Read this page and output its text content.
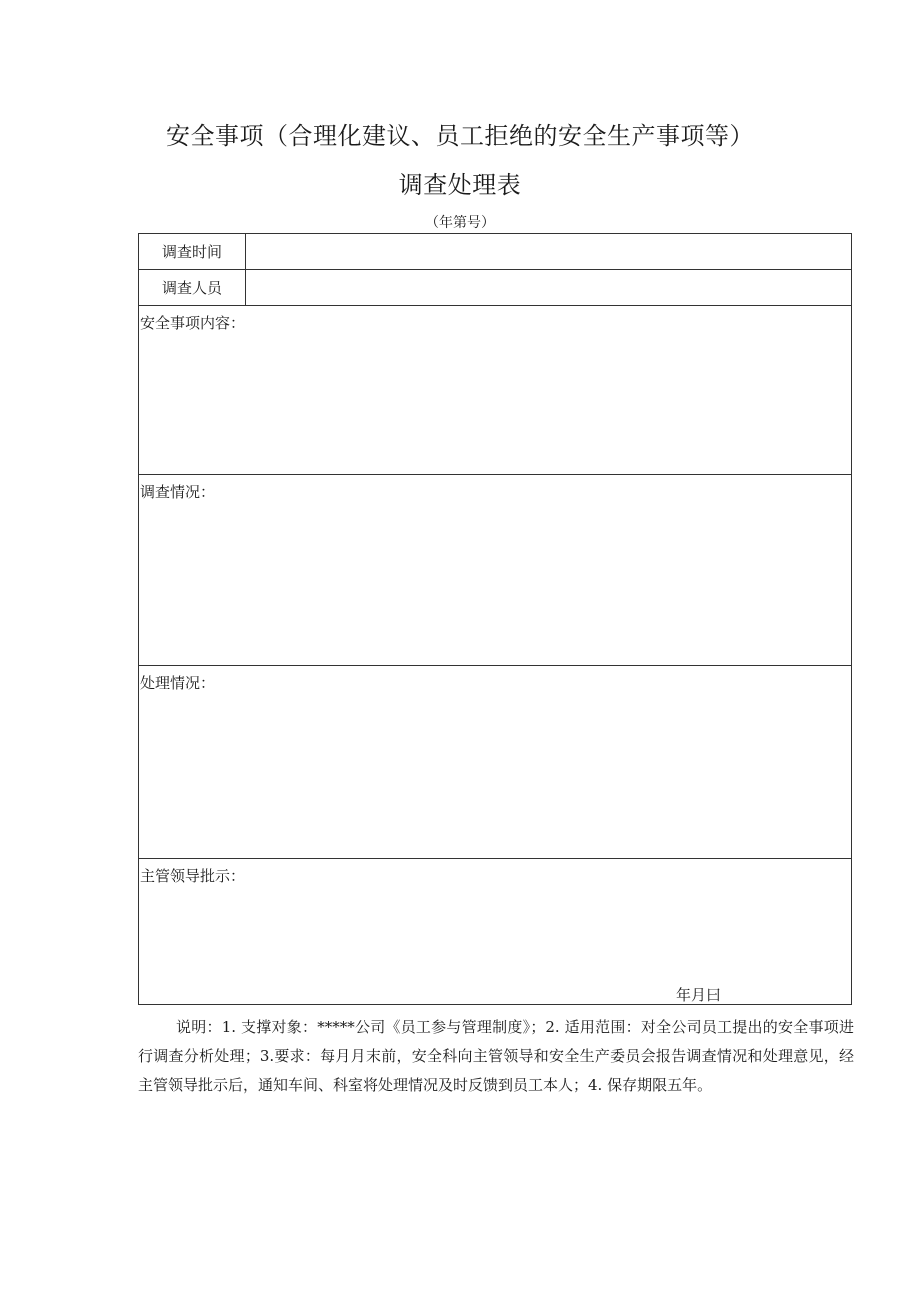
安全事项（合理化建议、员工拒绝的安全生产事项等）
调查处理表
（年第号）
调查时间
调查人员
安全事项内容：
调查情况：
处理情况：
主管领导批示：
年月曰

说明：1. 支撑对象：*****公司《员工参与管理制度》；2. 适用范围：对全公司员工提出的安全事项进行调查分析处理；3.要求：每月月末前，安全科向主管领导和安全生产委员会报告调查情况和处理意见，经主管领导批示后，通知车间、科室将处理情况及时反馈到员工本人；4. 保存期限五年。
